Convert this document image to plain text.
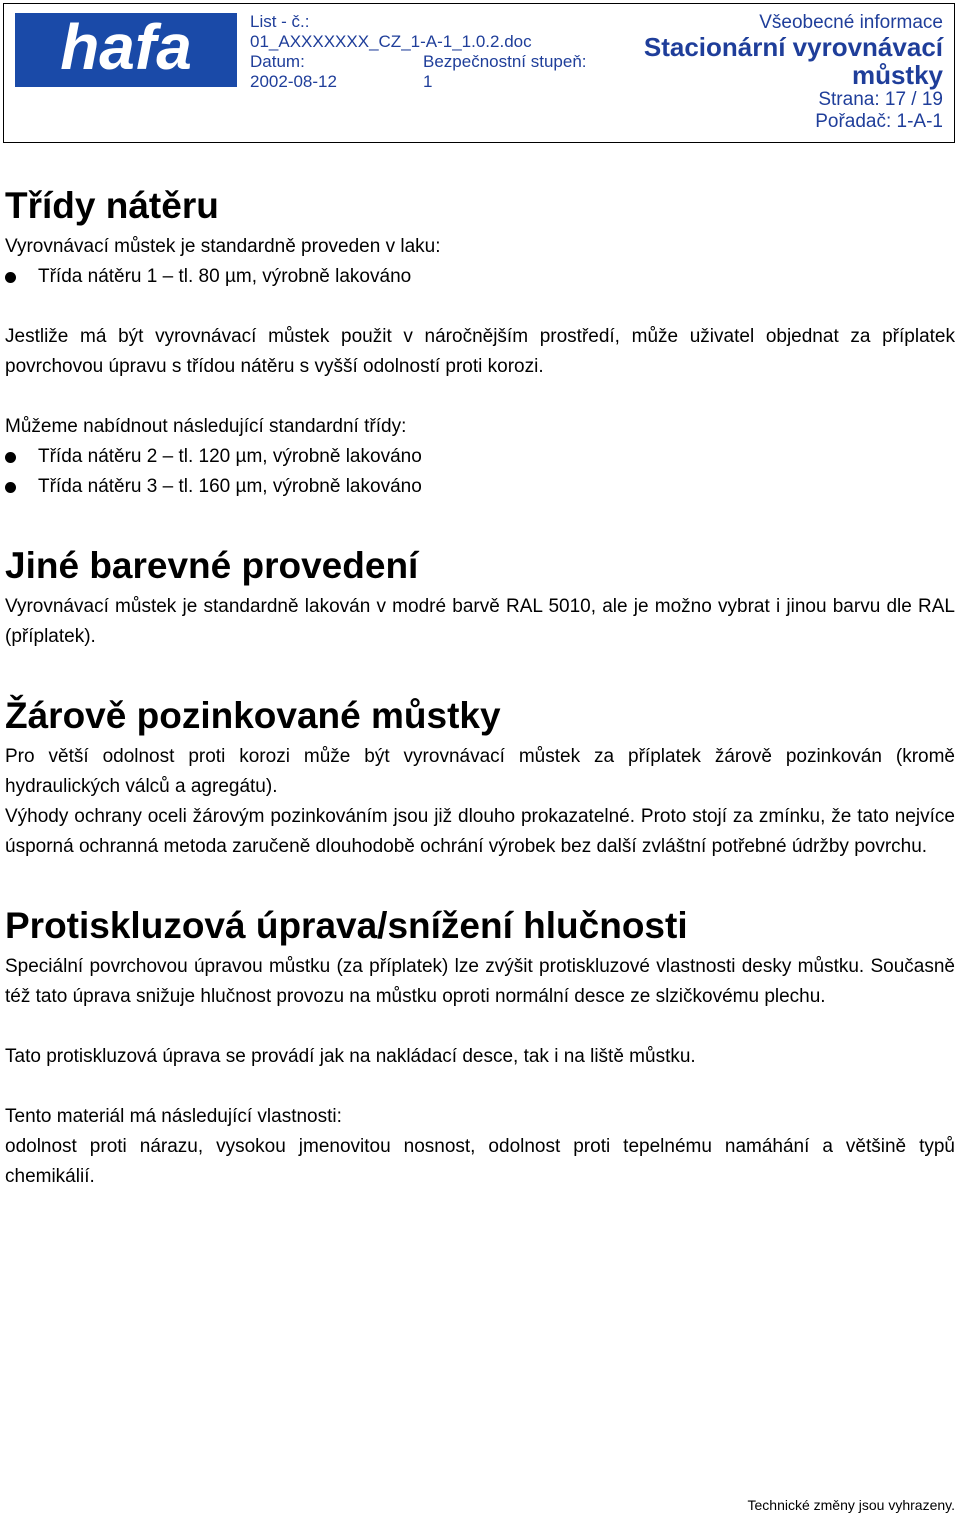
hafa	List - č.:
01_AXXXXXXX_CZ_1-A-1_1.0.2.doc
Datum:
2002-08-12
Bezpečnostní stupeň:
1
Všeobecné informace
Stacionární vyrovnávací
můstky
Strana: 17 / 19
Pořadač: 1-A-1
Třídy nátěru

Vyrovnávací můstek je standardně proveden v laku:

Třída nátěru 1 – tl. 80 µm, výrobně lakováno

Jestliže má být vyrovnávací můstek použit v náročnějším prostředí, může uživatel objednat za příplatek povrchovou úpravu s třídou nátěru s vyšší odolností proti korozi.

Můžeme nabídnout následující standardní třídy:

Třída nátěru 2 – tl. 120 µm, výrobně lakováno
Třída nátěru 3 – tl. 160 µm, výrobně lakováno
Jiné barevné provedení

Vyrovnávací můstek je standardně lakován v modré barvě RAL 5010, ale je možno vybrat i jinou barvu dle RAL (příplatek).

Žárově pozinkované můstky

Pro větší odolnost proti korozi může být vyrovnávací můstek za příplatek žárově pozinkován (kromě hydraulických válců a agregátu).

Výhody ochrany oceli žárovým pozinkováním jsou již dlouho prokazatelné. Proto stojí za zmínku, že tato nejvíce úsporná ochranná metoda zaručeně dlouhodobě ochrání výrobek bez další zvláštní potřebné údržby povrchu.

Protiskluzová úprava/snížení hlučnosti

Speciální povrchovou úpravou můstku (za příplatek) lze zvýšit protiskluzové vlastnosti desky můstku. Současně též tato úprava snižuje hlučnost provozu na můstku oproti normální desce ze slzičkovému plechu.

Tato protiskluzová úprava se provádí jak na nakládací desce, tak i na liště můstku.

Tento materiál má následující vlastnosti:

odolnost proti nárazu, vysokou jmenovitou nosnost, odolnost proti tepelnému namáhání a většině typů chemikálií.

Technické změny jsou vyhrazeny.
